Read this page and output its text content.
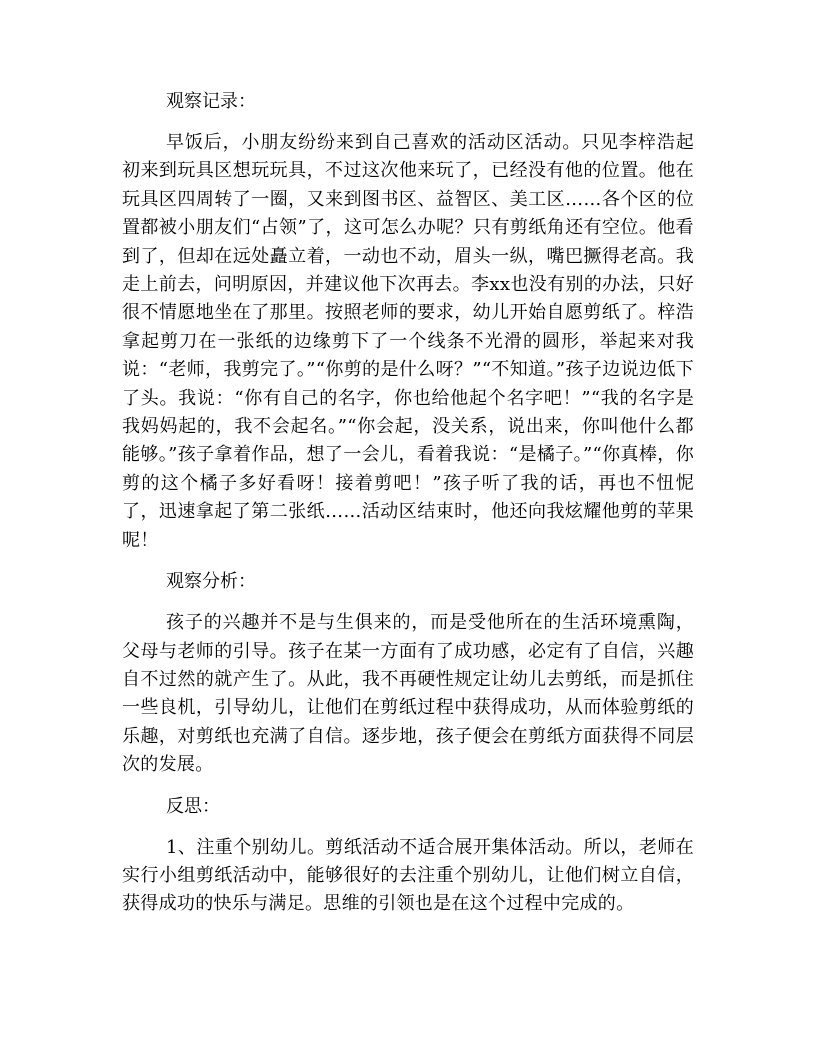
观察记录：

早饭后，小朋友纷纷来到自己喜欢的活动区活动。只见李梓浩起初来到玩具区想玩玩具，不过这次他来玩了，已经没有他的位置。他在玩具区四周转了一圈，又来到图书区、益智区、美工区……各个区的位置都被小朋友们“占领”了，这可怎么办呢？只有剪纸角还有空位。他看到了，但却在远处矗立着，一动也不动，眉头一纵，嘴巴撅得老高。我走上前去，问明原因，并建议他下次再去。李xx也没有别的办法，只好很不情愿地坐在了那里。按照老师的要求，幼儿开始自愿剪纸了。梓浩拿起剪刀在一张纸的边缘剪下了一个线条不光滑的圆形，举起来对我说：“老师，我剪完了。”“你剪的是什么呀？”“不知道。”孩子边说边低下了头。我说：“你有自己的名字，你也给他起个名字吧！”“我的名字是我妈妈起的，我不会起名。”“你会起，没关系，说出来，你叫他什么都能够。”孩子拿着作品，想了一会儿，看着我说：“是橘子。”“你真棒，你剪的这个橘子多好看呀！接着剪吧！”孩子听了我的话，再也不忸怩了，迅速拿起了第二张纸……活动区结束时，他还向我炫耀他剪的苹果呢！

观察分析：

孩子的兴趣并不是与生俱来的，而是受他所在的生活环境熏陶，父母与老师的引导。孩子在某一方面有了成功感，必定有了自信，兴趣自不过然的就产生了。从此，我不再硬性规定让幼儿去剪纸，而是抓住一些良机，引导幼儿，让他们在剪纸过程中获得成功，从而体验剪纸的乐趣，对剪纸也充满了自信。逐步地，孩子便会在剪纸方面获得不同层次的发展。

反思：

1、注重个别幼儿。剪纸活动不适合展开集体活动。所以，老师在实行小组剪纸活动中，能够很好的去注重个别幼儿，让他们树立自信，获得成功的快乐与满足。思维的引领也是在这个过程中完成的。
